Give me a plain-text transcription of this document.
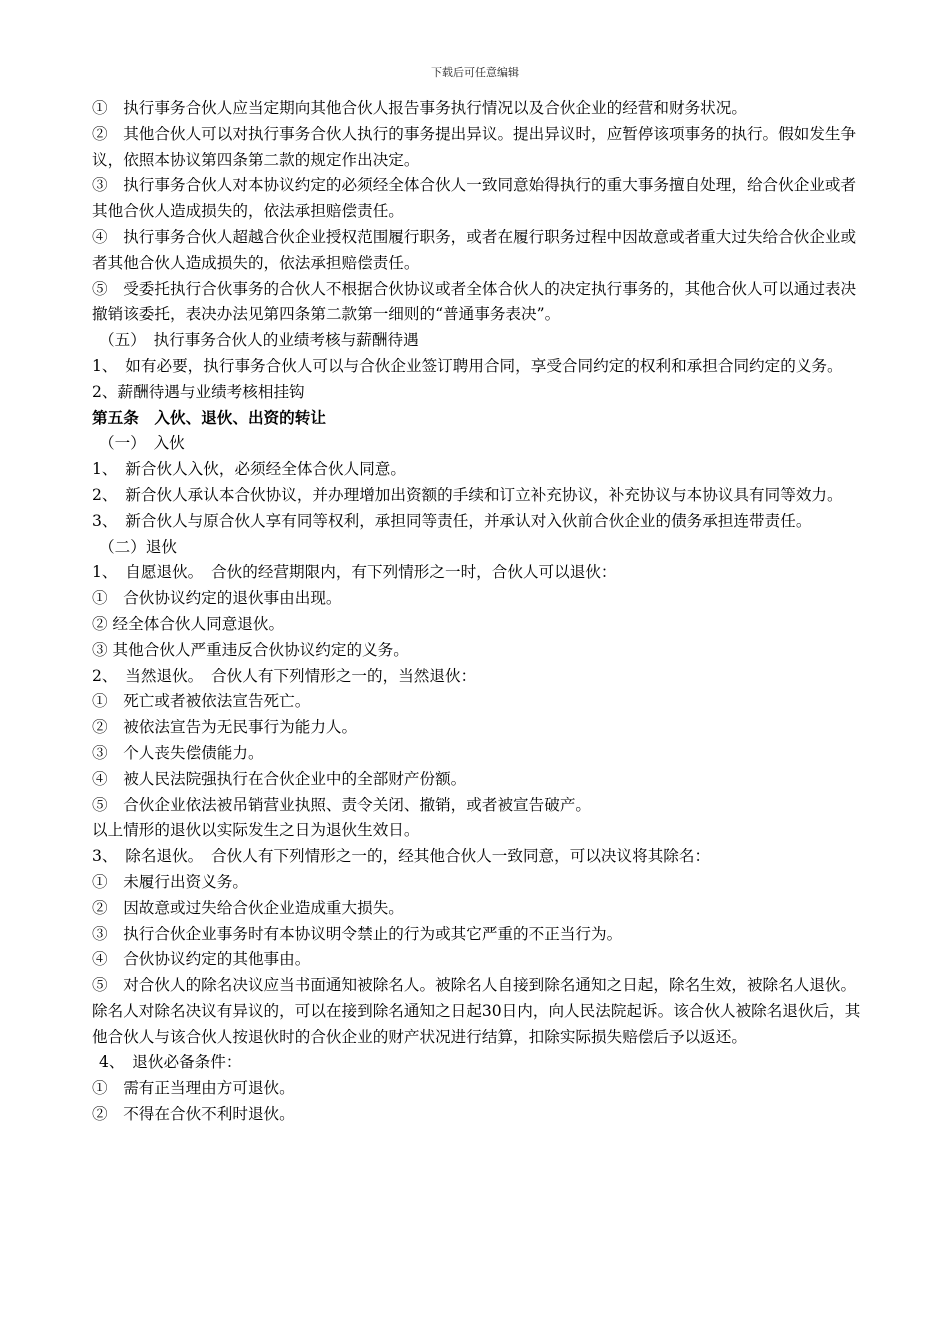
下载后可任意编辑

①　执行事务合伙人应当定期向其他合伙人报告事务执行情况以及合伙企业的经营和财务状况。

②　其他合伙人可以对执行事务合伙人执行的事务提出异议。提出异议时，应暂停该项事务的执行。假如发生争议，依照本协议第四条第二款的规定作出决定。

③　执行事务合伙人对本协议约定的必须经全体合伙人一致同意始得执行的重大事务擅自处理，给合伙企业或者其他合伙人造成损失的，依法承担赔偿责任。

④　执行事务合伙人超越合伙企业授权范围履行职务，或者在履行职务过程中因故意或者重大过失给合伙企业或者其他合伙人造成损失的，依法承担赔偿责任。

⑤　受委托执行合伙事务的合伙人不根据合伙协议或者全体合伙人的决定执行事务的，其他合伙人可以通过表决撤销该委托，表决办法见第四条第二款第一细则的“普通事务表决”。

（五）　执行事务合伙人的业绩考核与薪酬待遇

1、　如有必要，执行事务合伙人可以与合伙企业签订聘用合同，享受合同约定的权利和承担合同约定的义务。

2、薪酬待遇与业绩考核相挂钩

第五条　入伙、退伙、出资的转让

（一）　入伙

1、　新合伙人入伙，必须经全体合伙人同意。

2、　新合伙人承认本合伙协议，并办理增加出资额的手续和订立补充协议，补充协议与本协议具有同等效力。

3、　新合伙人与原合伙人享有同等权利，承担同等责任，并承认对入伙前合伙企业的债务承担连带责任。

（二）退伙

1、　自愿退伙。　合伙的经营期限内，有下列情形之一时，合伙人可以退伙：

①　合伙协议约定的退伙事由出现。

② 经全体合伙人同意退伙。

③ 其他合伙人严重违反合伙协议约定的义务。

2、　当然退伙。　合伙人有下列情形之一的，当然退伙：

①　死亡或者被依法宣告死亡。

②　被依法宣告为无民事行为能力人。

③　个人丧失偿债能力。

④　被人民法院强执行在合伙企业中的全部财产份额。

⑤　合伙企业依法被吊销营业执照、责令关闭、撤销，或者被宣告破产。

以上情形的退伙以实际发生之日为退伙生效日。

3、　除名退伙。　合伙人有下列情形之一的，经其他合伙人一致同意，可以决议将其除名：

①　未履行出资义务。

②　因故意或过失给合伙企业造成重大损失。

③　执行合伙企业事务时有本协议明令禁止的行为或其它严重的不正当行为。

④　合伙协议约定的其他事由。

⑤　对合伙人的除名决议应当书面通知被除名人。被除名人自接到除名通知之日起，除名生效，被除名人退伙。除名人对除名决议有异议的，可以在接到除名通知之日起30日内，向人民法院起诉。该合伙人被除名退伙后，其他合伙人与该合伙人按退伙时的合伙企业的财产状况进行结算，扣除实际损失赔偿后予以返还。

4、　退伙必备条件：

①　需有正当理由方可退伙。

②　不得在合伙不利时退伙。
